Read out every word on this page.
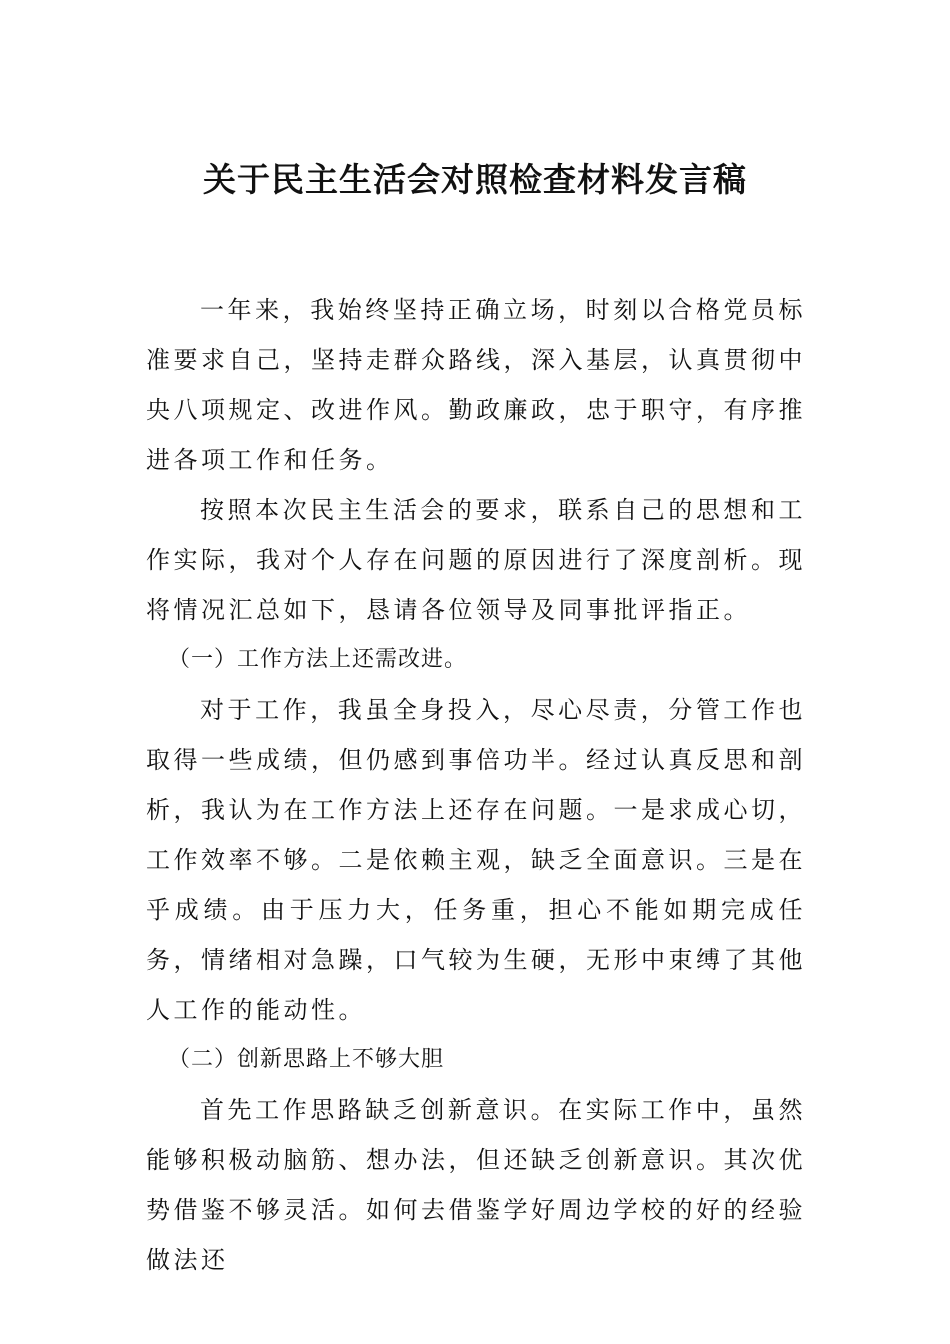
关于民主生活会对照检查材料发言稿

一年来，我始终坚持正确立场，时刻以合格党员标准要求自己，坚持走群众路线，深入基层，认真贯彻中央八项规定、改进作风。勤政廉政，忠于职守，有序推进各项工作和任务。

按照本次民主生活会的要求，联系自己的思想和工作实际，我对个人存在问题的原因进行了深度剖析。现将情况汇总如下，恳请各位领导及同事批评指正。

（一）工作方法上还需改进。

对于工作，我虽全身投入，尽心尽责，分管工作也取得一些成绩，但仍感到事倍功半。经过认真反思和剖析，我认为在工作方法上还存在问题。一是求成心切，工作效率不够。二是依赖主观，缺乏全面意识。三是在乎成绩。由于压力大，任务重，担心不能如期完成任务，情绪相对急躁，口气较为生硬，无形中束缚了其他人工作的能动性。

（二）创新思路上不够大胆

首先工作思路缺乏创新意识。在实际工作中，虽然能够积极动脑筋、想办法，但还缺乏创新意识。其次优势借鉴不够灵活。如何去借鉴学好周边学校的好的经验做法还
